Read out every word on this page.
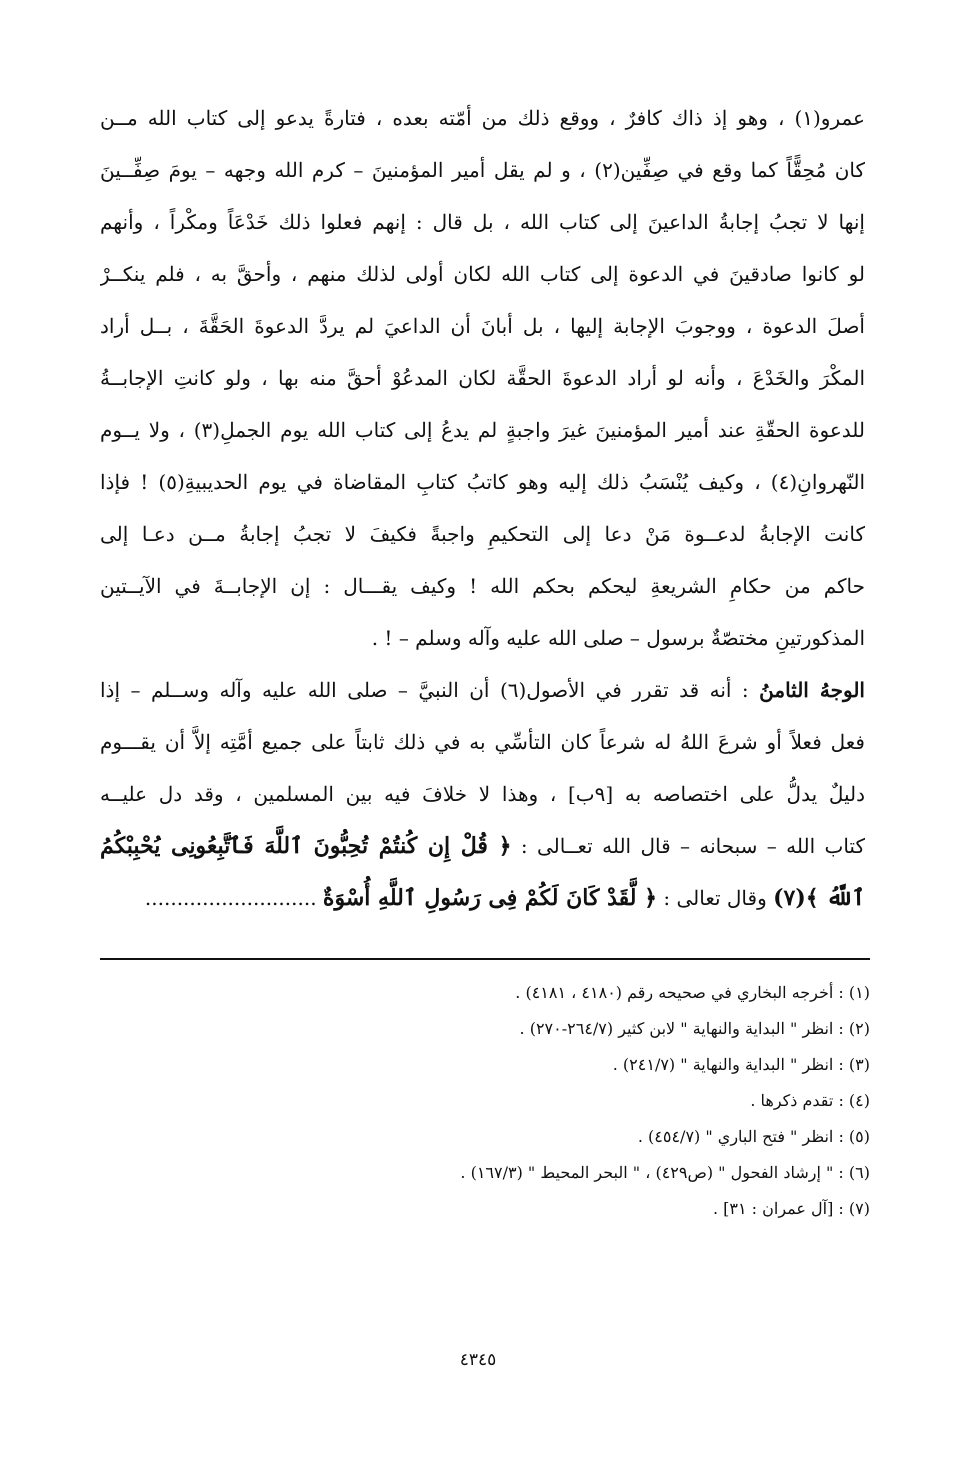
عمرو(١) ، وهو إذ ذاك كافرٌ ، ووقع ذلك من أمّته بعده ، فتارةً يدعو إلى كتاب الله مــن
كان مُحِقًّاً كما وقع في صِفِّين(٢) ، و لم يقل أمير المؤمنينَ – كرم الله وجهه – يومَ صِفِّــينَ
إنها لا تجبُ إجابةُ الداعينَ إلى كتاب الله ، بل قال : إنهم فعلوا ذلك خَدْعَاً ومكْراً ، وأنهم
لو كانوا صادقينَ في الدعوة إلى كتاب الله لكان أولى لذلك منهم ، وأحقَّ به ، فلم ينكــرْ
أصلَ الدعوة ، ووجوبَ الإجابة إليها ، بل أبانَ أن الداعيَ لم يردَّ الدعوةَ الحَقَّةَ ، بــل أراد
المكْرَ والخَدْعَ ، وأنه لو أراد الدعوةَ الحقَّة لكان المدعُوْ أحقَّ منه بها ، ولو كانتِ الإجابــةُ
للدعوة الحقّةِ عند أمير المؤمنينَ غيرَ واجبةٍ لم يدعُ إلى كتاب الله يوم الجملِ(٣) ، ولا يــوم
النّهروانِ(٤) ، وكيف يُنْسَبُ ذلك إليه وهو كاتبُ كتابِ المقاضاة في يوم الحديبيةِ(٥) ! فإذا
كانت الإجابةُ لدعــوة مَنْ دعا إلى التحكيمِ واجبةً فكيفَ لا تجبُ إجابةُ مــن دعـا إلى
حاكم من حكامِ الشريعةِ ليحكم بحكم الله ! وكيف يقـــال : إن الإجابــةَ في الآيــتين
المذكورتينِ مختصّةٌ برسول – صلى الله عليه وآله وسلم – ! .
الوجهُ الثامنُ : أنه قد تقرر في الأصول(٦) أن النبيَّ – صلى الله عليه وآله وســلم – إذا
فعل فعلاً أو شرعَ اللهُ له شرعاً كان التأسِّي به في ذلك ثابتاً على جميع أمَّتِه إلاَّ أن يقـــوم
دليلٌ يدلُّ على اختصاصه به [٩ب] ، وهذا لا خلافَ فيه بين المسلمين ، وقد دل عليــه
كتاب الله – سبحانه – قال الله تعــالى : ﴿ قُلْ إِن كُنتُمْ تُحِبُّونَ ٱللَّهَ فَٱتَّبِعُونِى يُحْبِبْكُمُ
ٱللَّهُ ﴾(٧) وقال تعالى : ﴿ لَّقَدْ كَانَ لَكُمْ فِى رَسُولِ ٱللَّهِ أُسْوَةٌ ...........................
(١) : أخرجه البخاري في صحيحه رقم (٤١٨٠ ، ٤١٨١) .
(٢) : انظر " البداية والنهاية " لابن كثير (٢٦٤/٧-٢٧٠) .
(٣) : انظر " البداية والنهاية " (٢٤١/٧) .
(٤) : تقدم ذكرها .
(٥) : انظر " فتح الباري " (٤٥٤/٧) .
(٦) : " إرشاد الفحول " (ص٤٢٩) ، " البحر المحيط " (١٦٧/٣) .
(٧) : [آل عمران : ٣١] .
٤٣٤٥
